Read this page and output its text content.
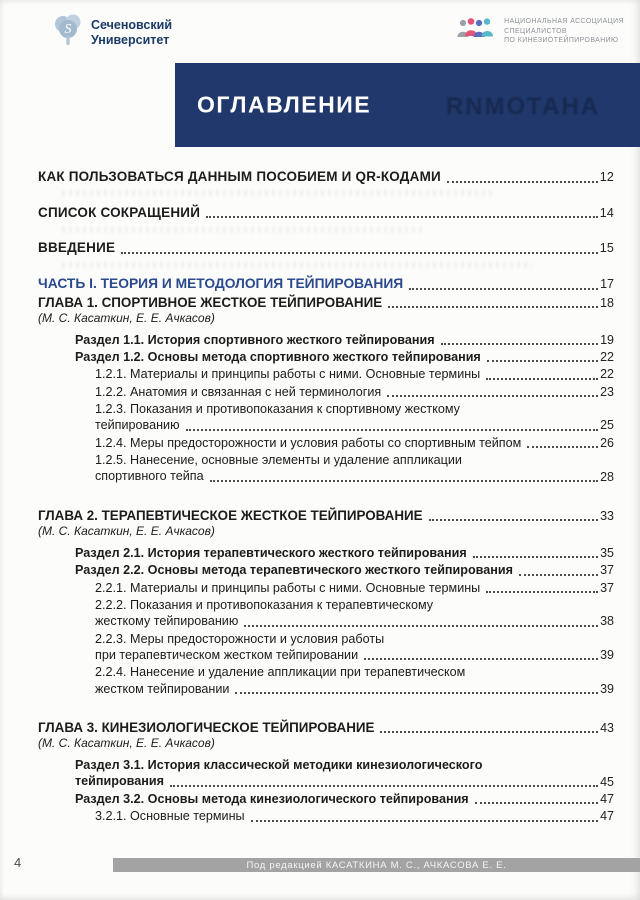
S Сеченовский
Университет
НАЦИОНАЛЬНАЯ АССОЦИАЦИЯ
СПЕЦИАЛИСТОВ
ПО КИНЕЗИОТЕЙПИРОВАНИЮ
АНАТОМИЯ
ОГЛАВЛЕНИЕ
КАК ПОЛЬЗОВАТЬСЯ ДАННЫМ ПОСОБИЕМ И QR-КОДАМИ	12
СПИСОК СОКРАЩЕНИЙ	14
ВВЕДЕНИЕ	15
ЧАСТЬ I. ТЕОРИЯ И МЕТОДОЛОГИЯ ТЕЙПИРОВАНИЯ	17
ГЛАВА 1. СПОРТИВНОЕ ЖЕСТКОЕ ТЕЙПИРОВАНИЕ	18
(М. С. Касаткин, Е. Е. Ачкасов)
Раздел 1.1. История спортивного жесткого тейпирования	19
Раздел 1.2. Основы метода спортивного жесткого тейпирования	22
1.2.1. Материалы и принципы работы с ними. Основные термины	22
1.2.2. Анатомия и связанная с ней терминология	23
1.2.3. Показания и противопоказания к спортивному жесткому
тейпированию	25
1.2.4. Меры предосторожности и условия работы со спортивным тейпом	26
1.2.5. Нанесение, основные элементы и удаление аппликации
спортивного тейпа	28
ГЛАВА 2. ТЕРАПЕВТИЧЕСКОЕ ЖЕСТКОЕ ТЕЙПИРОВАНИЕ	33
(М. С. Касаткин, Е. Е. Ачкасов)
Раздел 2.1. История терапевтического жесткого тейпирования	35
Раздел 2.2. Основы метода терапевтического жесткого тейпирования	37
2.2.1. Материалы и принципы работы с ними. Основные термины	37
2.2.2. Показания и противопоказания к терапевтическому
жесткому тейпированию	38
2.2.3. Меры предосторожности и условия работы
при терапевтическом жестком тейпировании	39
2.2.4. Нанесение и удаление аппликации при терапевтическом
жестком тейпировании	39
ГЛАВА 3. КИНЕЗИОЛОГИЧЕСКОЕ ТЕЙПИРОВАНИЕ	43
(М. С. Касаткин, Е. Е. Ачкасов)
Раздел 3.1. История классической методики кинезиологического
тейпирования	45
Раздел 3.2. Основы метода кинезиологического тейпирования	47
3.2.1. Основные термины	47
4	Под редакцией КАСАТКИНА М. С., АЧКАСОВА Е. Е.
